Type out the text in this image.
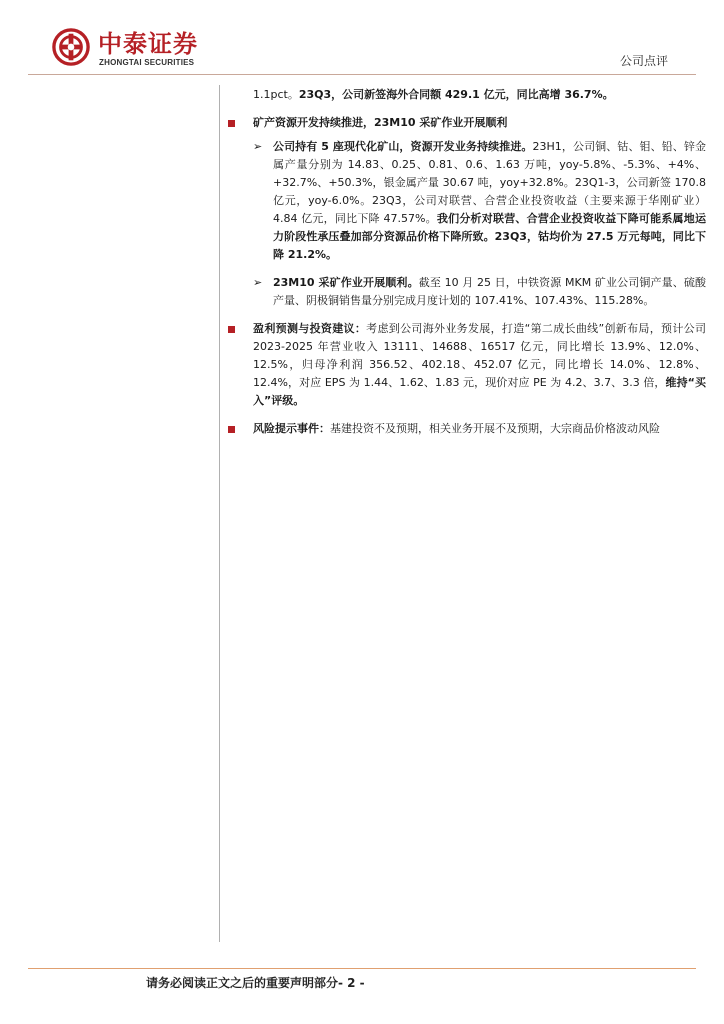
中泰证券
ZHONGTAI SECURITIES	公司点评

1.1pct。23Q3，公司新签海外合同额 429.1 亿元，同比高增 36.7%。

矿产资源开发持续推进，23M10 采矿作业开展顺利

➢ 公司持有 5 座现代化矿山，资源开发业务持续推进。23H1，公司铜、钴、钼、铅、锌金属产量分别为 14.83、0.25、0.81、0.6、1.63 万吨，yoy-5.8%、-5.3%、+4%、+32.7%、+50.3%，银金属产量 30.67 吨，yoy+32.8%。23Q1-3，公司新签 170.8 亿元，yoy-6.0%。23Q3，公司对联营、合营企业投资收益（主要来源于华刚矿业）4.84 亿元，同比下降 47.57%。我们分析对联营、合营企业投资收益下降可能系属地运力阶段性承压叠加部分资源品价格下降所致。23Q3，钴均价为 27.5 万元每吨，同比下降 21.2%。

➢ 23M10 采矿作业开展顺利。截至 10 月 25 日，中铁资源 MKM 矿业公司铜产量、硫酸产量、阴极铜销售量分别完成月度计划的 107.41%、107.43%、115.28%。

盈利预测与投资建议：考虑到公司海外业务发展，打造“第二成长曲线”创新布局，预计公司 2023-2025 年营业收入 13111、14688、16517 亿元，同比增长 13.9%、12.0%、12.5%，归母净利润 356.52、402.18、452.07 亿元，同比增长 14.0%、12.8%、12.4%，对应 EPS 为 1.44、1.62、1.83 元，现价对应 PE 为 4.2、3.7、3.3 倍，维持“买入”评级。

风险提示事件：基建投资不及预期，相关业务开展不及预期，大宗商品价格波动风险

请务必阅读正文之后的重要声明部分- 2 -
